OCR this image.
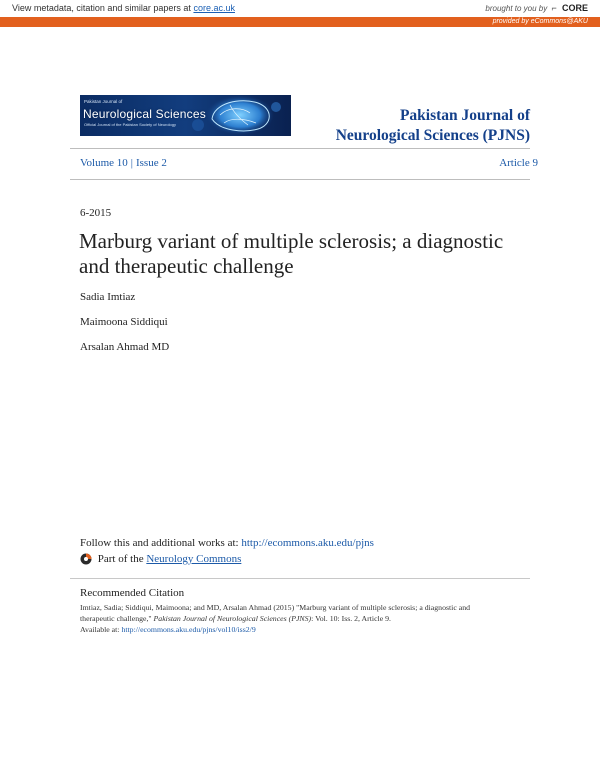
View metadata, citation and similar papers at core.ac.uk	brought to you by ⌐ CORE
provided by eCommons@AKU
Pakistan Journal of
Neurological Sciences
Official Journal of the Pakistan Society of Neurology
Pakistan Journal of
Neurological Sciences (PJNS)
Volume 10 | Issue 2	Article 9
6-2015
Marburg variant of multiple sclerosis; a diagnostic and therapeutic challenge
Sadia Imtiaz
Maimoona Siddiqui
Arsalan Ahmad MD
Follow this and additional works at: http://ecommons.aku.edu/pjns
Part of the Neurology Commons
Recommended Citation
Imtiaz, Sadia; Siddiqui, Maimoona; and MD, Arsalan Ahmad (2015) "Marburg variant of multiple sclerosis; a diagnostic and
therapeutic challenge," Pakistan Journal of Neurological Sciences (PJNS): Vol. 10: Iss. 2, Article 9.
Available at: http://ecommons.aku.edu/pjns/vol10/iss2/9
